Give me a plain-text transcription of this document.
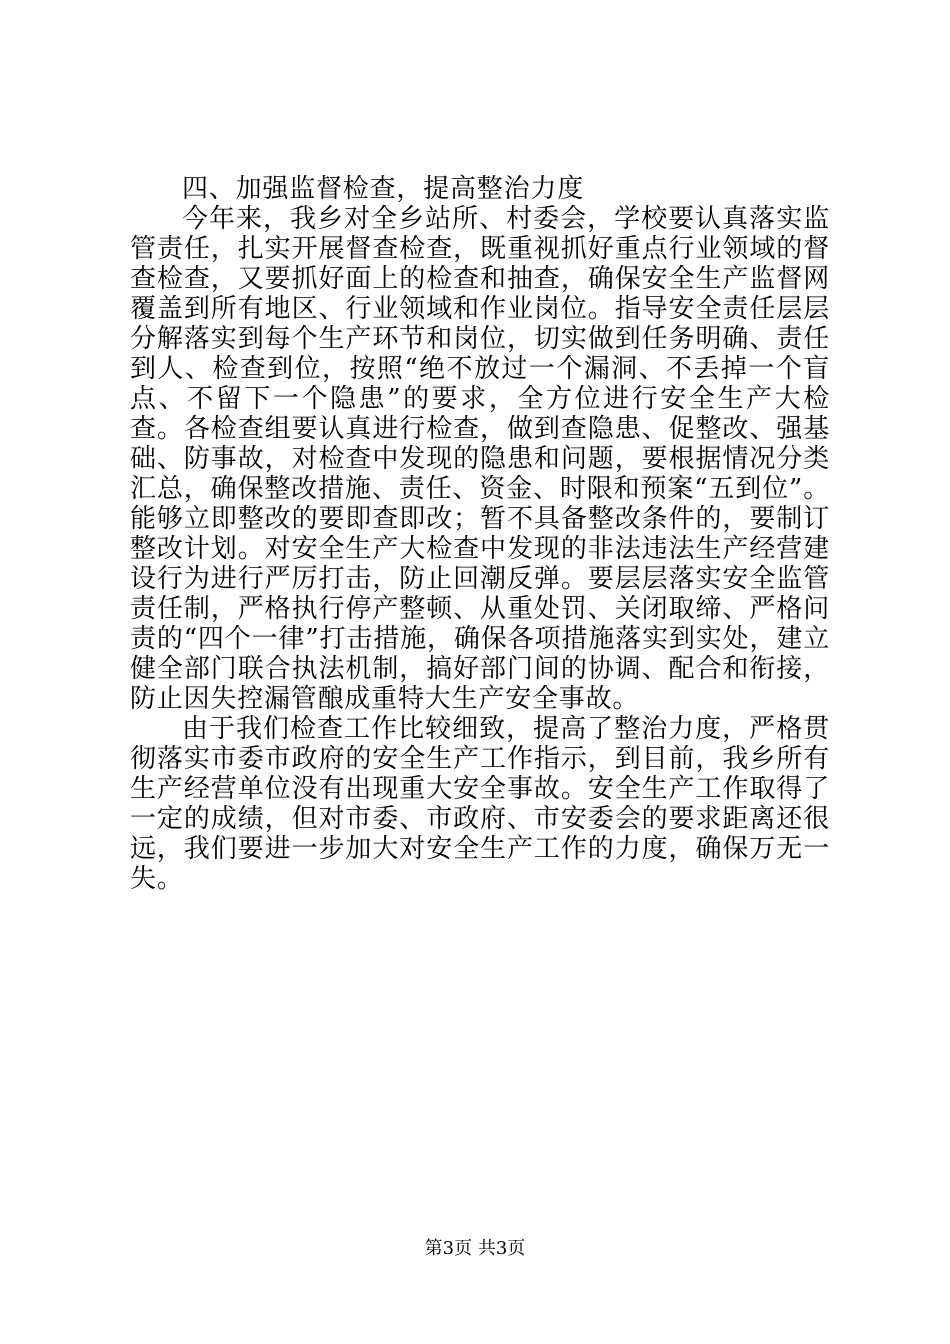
四、加强监督检查，提高整治力度

今年来，我乡对全乡站所、村委会，学校要认真落实监管责任，扎实开展督查检查，既重视抓好重点行业领域的督查检查，又要抓好面上的检查和抽查，确保安全生产监督网覆盖到所有地区、行业领域和作业岗位。指导安全责任层层分解落实到每个生产环节和岗位，切实做到任务明确、责任到人、检查到位，按照“绝不放过一个漏洞、不丢掉一个盲点、不留下一个隐患”的要求，全方位进行安全生产大检查。各检查组要认真进行检查，做到查隐患、促整改、强基础、防事故，对检查中发现的隐患和问题，要根据情况分类汇总，确保整改措施、责任、资金、时限和预案“五到位”。能够立即整改的要即查即改；暂不具备整改条件的，要制订整改计划。对安全生产大检查中发现的非法违法生产经营建设行为进行严厉打击，防止回潮反弹。要层层落实安全监管责任制，严格执行停产整顿、从重处罚、关闭取缔、严格问责的“四个一律”打击措施，确保各项措施落实到实处，建立健全部门联合执法机制，搞好部门间的协调、配合和衔接，防止因失控漏管酿成重特大生产安全事故。

由于我们检查工作比较细致，提高了整治力度，严格贯彻落实市委市政府的安全生产工作指示，到目前，我乡所有生产经营单位没有出现重大安全事故。安全生产工作取得了一定的成绩，但对市委、市政府、市安委会的要求距离还很远，我们要进一步加大对安全生产工作的力度，确保万无一失。

第3页 共3页
